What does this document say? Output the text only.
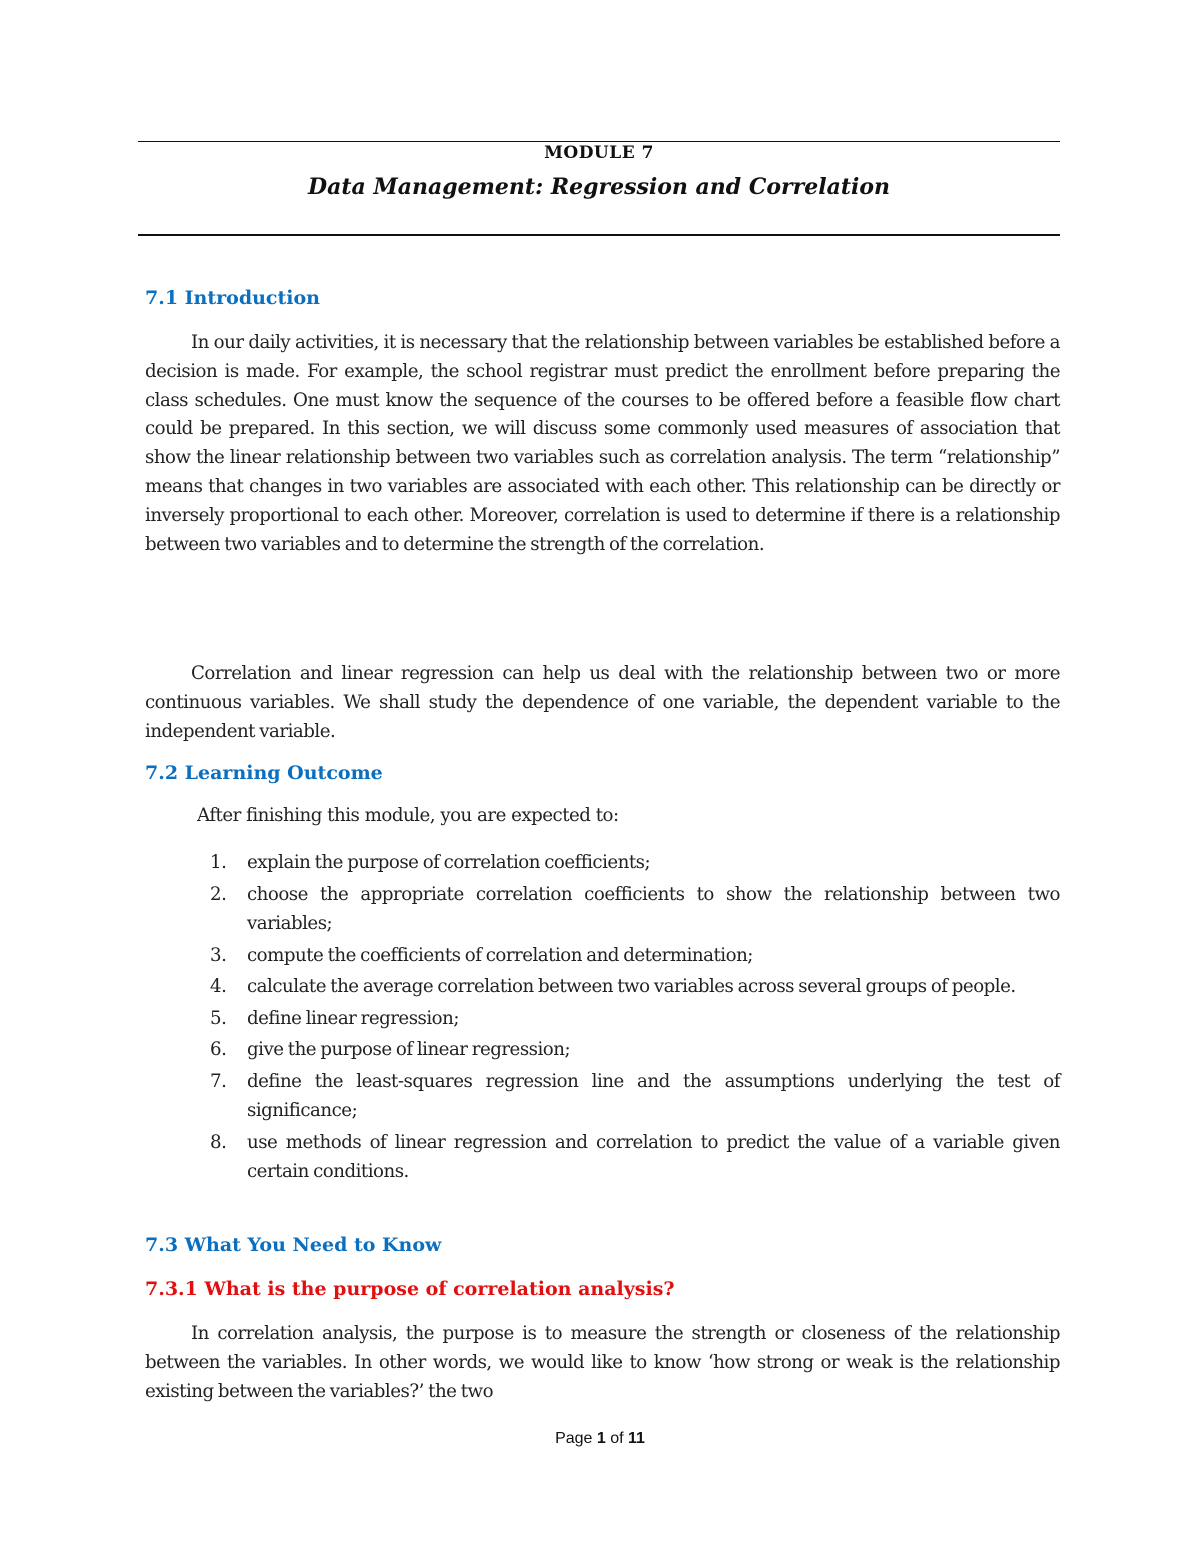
MODULE 7
Data Management: Regression and Correlation
7.1 Introduction
In our daily activities, it is necessary that the relationship between variables be established before a decision is made. For example, the school registrar must predict the enrollment before preparing the class schedules. One must know the sequence of the courses to be offered before a feasible flow chart could be prepared. In this section, we will discuss some commonly used measures of association that show the linear relationship between two variables such as correlation analysis. The term “relationship” means that changes in two variables are associated with each other. This relationship can be directly or inversely proportional to each other. Moreover, correlation is used to determine if there is a relationship between two variables and to determine the strength of the correlation.
Correlation and linear regression can help us deal with the relationship between two or more continuous variables. We shall study the dependence of one variable, the dependent variable to the independent variable.
7.2 Learning Outcome
After finishing this module, you are expected to:
1. explain the purpose of correlation coefficients;
2. choose the appropriate correlation coefficients to show the relationship between two variables;
3. compute the coefficients of correlation and determination;
4. calculate the average correlation between two variables across several groups of people.
5. define linear regression;
6. give the purpose of linear regression;
7. define the least-squares regression line and the assumptions underlying the test of significance;
8. use methods of linear regression and correlation to predict the value of a variable given certain conditions.
7.3 What You Need to Know
7.3.1 What is the purpose of correlation analysis?
In correlation analysis, the purpose is to measure the strength or closeness of the relationship between the variables. In other words, we would like to know ‘how strong or weak is the relationship existing between the variables?’ the two
Page 1 of 11
